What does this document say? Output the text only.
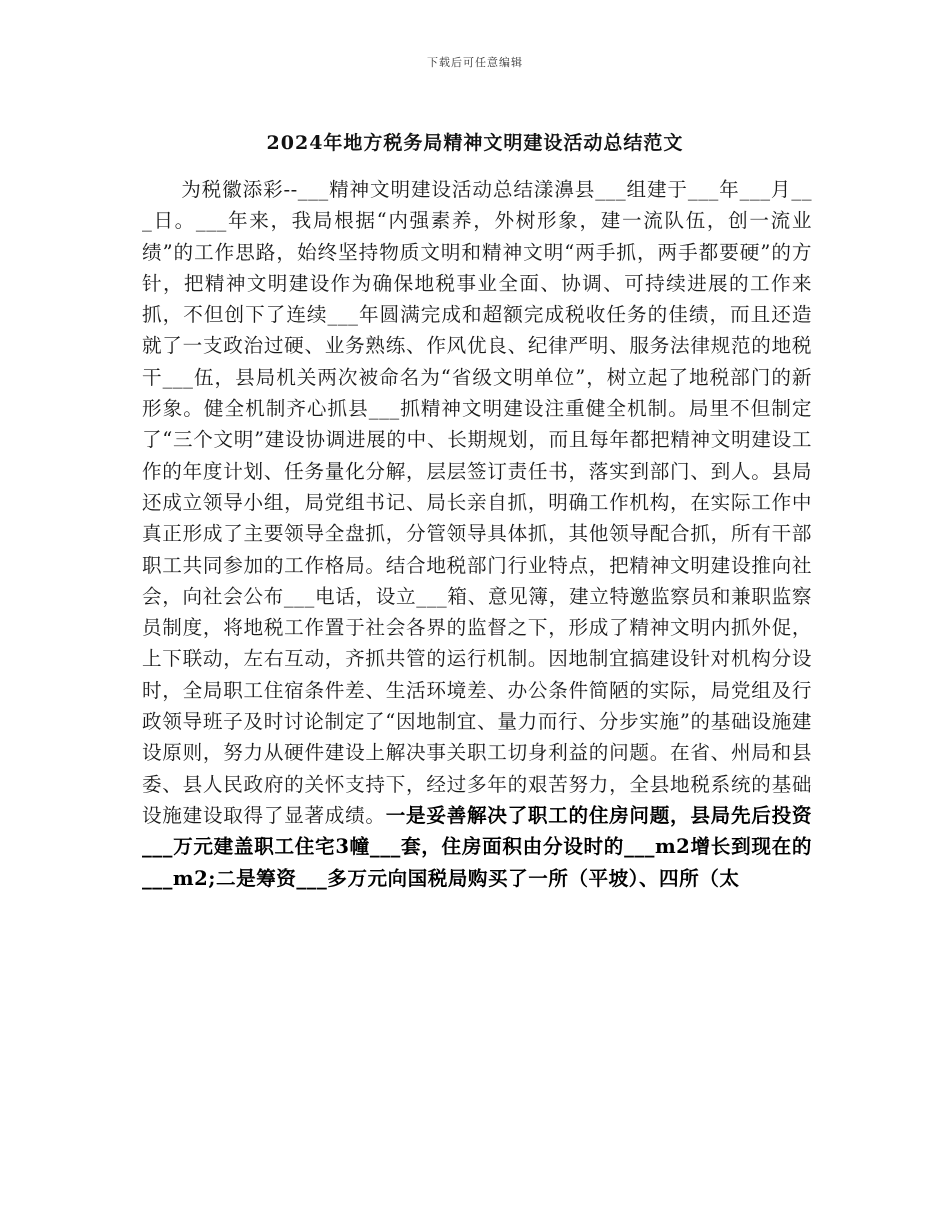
下载后可任意编辑
2024年地方税务局精神文明建设活动总结范文

为税徽添彩--___精神文明建设活动总结漾濞县___组建于___年___月___日。___年来，我局根据“内强素养，外树形象，建一流队伍，创一流业绩”的工作思路，始终坚持物质文明和精神文明“两手抓，两手都要硬”的方针，把精神文明建设作为确保地税事业全面、协调、可持续进展的工作来抓，不但创下了连续___年圆满完成和超额完成税收任务的佳绩，而且还造就了一支政治过硬、业务熟练、作风优良、纪律严明、服务法律规范的地税干___伍，县局机关两次被命名为“省级文明单位”，树立起了地税部门的新形象。健全机制齐心抓县___抓精神文明建设注重健全机制。局里不但制定了“三个文明”建设协调进展的中、长期规划，而且每年都把精神文明建设工作的年度计划、任务量化分解，层层签订责任书，落实到部门、到人。县局还成立领导小组，局党组书记、局长亲自抓，明确工作机构，在实际工作中真正形成了主要领导全盘抓，分管领导具体抓，其他领导配合抓，所有干部职工共同参加的工作格局。结合地税部门行业特点，把精神文明建设推向社会，向社会公布___电话，设立___箱、意见簿，建立特邀监察员和兼职监察员制度，将地税工作置于社会各界的监督之下，形成了精神文明内抓外促，上下联动，左右互动，齐抓共管的运行机制。因地制宜搞建设针对机构分设时，全局职工住宿条件差、生活环境差、办公条件简陋的实际，局党组及行政领导班子及时讨论制定了“因地制宜、量力而行、分步实施”的基础设施建设原则，努力从硬件建设上解决事关职工切身利益的问题。在省、州局和县委、县人民政府的关怀支持下，经过多年的艰苦努力，全县地税系统的基础设施建设取得了显著成绩。一是妥善解决了职工的住房问题，县局先后投资___万元建盖职工住宅3幢___套，住房面积由分设时的___m2增长到现在的___m2;二是筹资___多万元向国税局购买了一所（平坡）、四所（太
